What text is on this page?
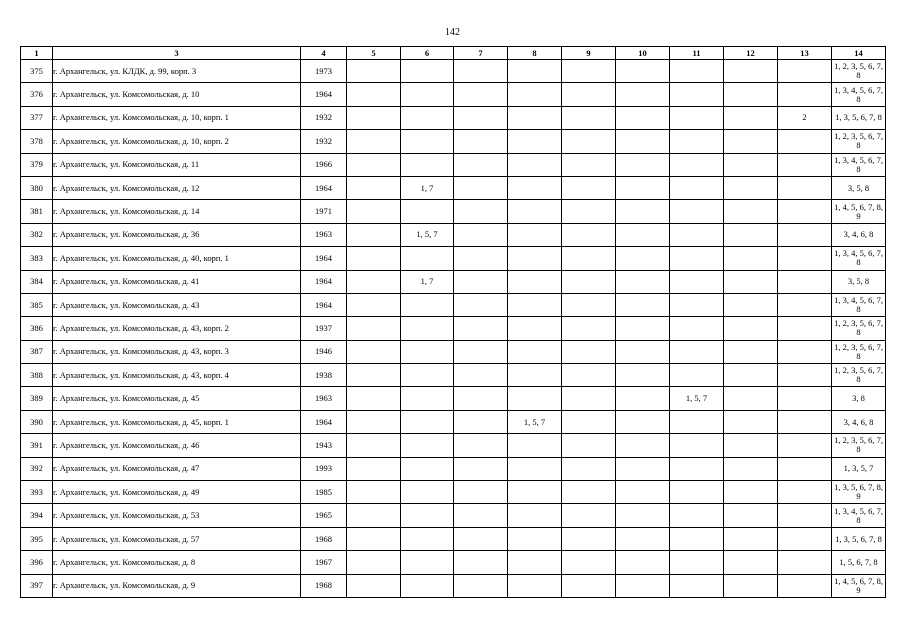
142
1	3	4	5	6	7	8	9	10	11	12	13	14
375	г. Архангельск, ул. КЛДК, д. 99, корп. 3	1973										1, 2, 3, 5, 6, 7, 8
376	г. Архангельск, ул. Комсомольская, д. 10	1964										1, 3, 4, 5, 6, 7, 8
377	г. Архангельск, ул. Комсомольская, д. 10, корп. 1	1932									2	1, 3, 5, 6, 7, 8
378	г. Архангельск, ул. Комсомольская, д. 10, корп. 2	1932										1, 2, 3, 5, 6, 7, 8
379	г. Архангельск, ул. Комсомольская, д. 11	1966										1, 3, 4, 5, 6, 7, 8
380	г. Архангельск, ул. Комсомольская, д. 12	1964		1, 7								3, 5, 8
381	г. Архангельск, ул. Комсомольская, д. 14	1971										1, 4, 5, 6, 7, 8, 9
382	г. Архангельск, ул. Комсомольская, д. 36	1963		1, 5, 7								3, 4, 6, 8
383	г. Архангельск, ул. Комсомольская, д. 40, корп. 1	1964										1, 3, 4, 5, 6, 7, 8
384	г. Архангельск, ул. Комсомольская, д. 41	1964		1, 7								3, 5, 8
385	г. Архангельск, ул. Комсомольская, д. 43	1964										1, 3, 4, 5, 6, 7, 8
386	г. Архангельск, ул. Комсомольская, д. 43, корп. 2	1937										1, 2, 3, 5, 6, 7, 8
387	г. Архангельск, ул. Комсомольская, д. 43, корп. 3	1946										1, 2, 3, 5, 6, 7, 8
388	г. Архангельск, ул. Комсомольская, д. 43, корп. 4	1938										1, 2, 3, 5, 6, 7, 8
389	г. Архангельск, ул. Комсомольская, д. 45	1963							1, 5, 7			3, 8
390	г. Архангельск, ул. Комсомольская, д. 45, корп. 1	1964				1, 5, 7						3, 4, 6, 8
391	г. Архангельск, ул. Комсомольская, д. 46	1943										1, 2, 3, 5, 6, 7, 8
392	г. Архангельск, ул. Комсомольская, д. 47	1993										1, 3, 5, 7
393	г. Архангельск, ул. Комсомольская, д. 49	1985										1, 3, 5, 6, 7, 8, 9
394	г. Архангельск, ул. Комсомольская, д. 53	1965										1, 3, 4, 5, 6, 7, 8
395	г. Архангельск, ул. Комсомольская, д. 57	1968										1, 3, 5, 6, 7, 8
396	г. Архангельск, ул. Комсомольская, д. 8	1967										1, 5, 6, 7, 8
397	г. Архангельск, ул. Комсомольская, д. 9	1968										1, 4, 5, 6, 7, 8, 9
